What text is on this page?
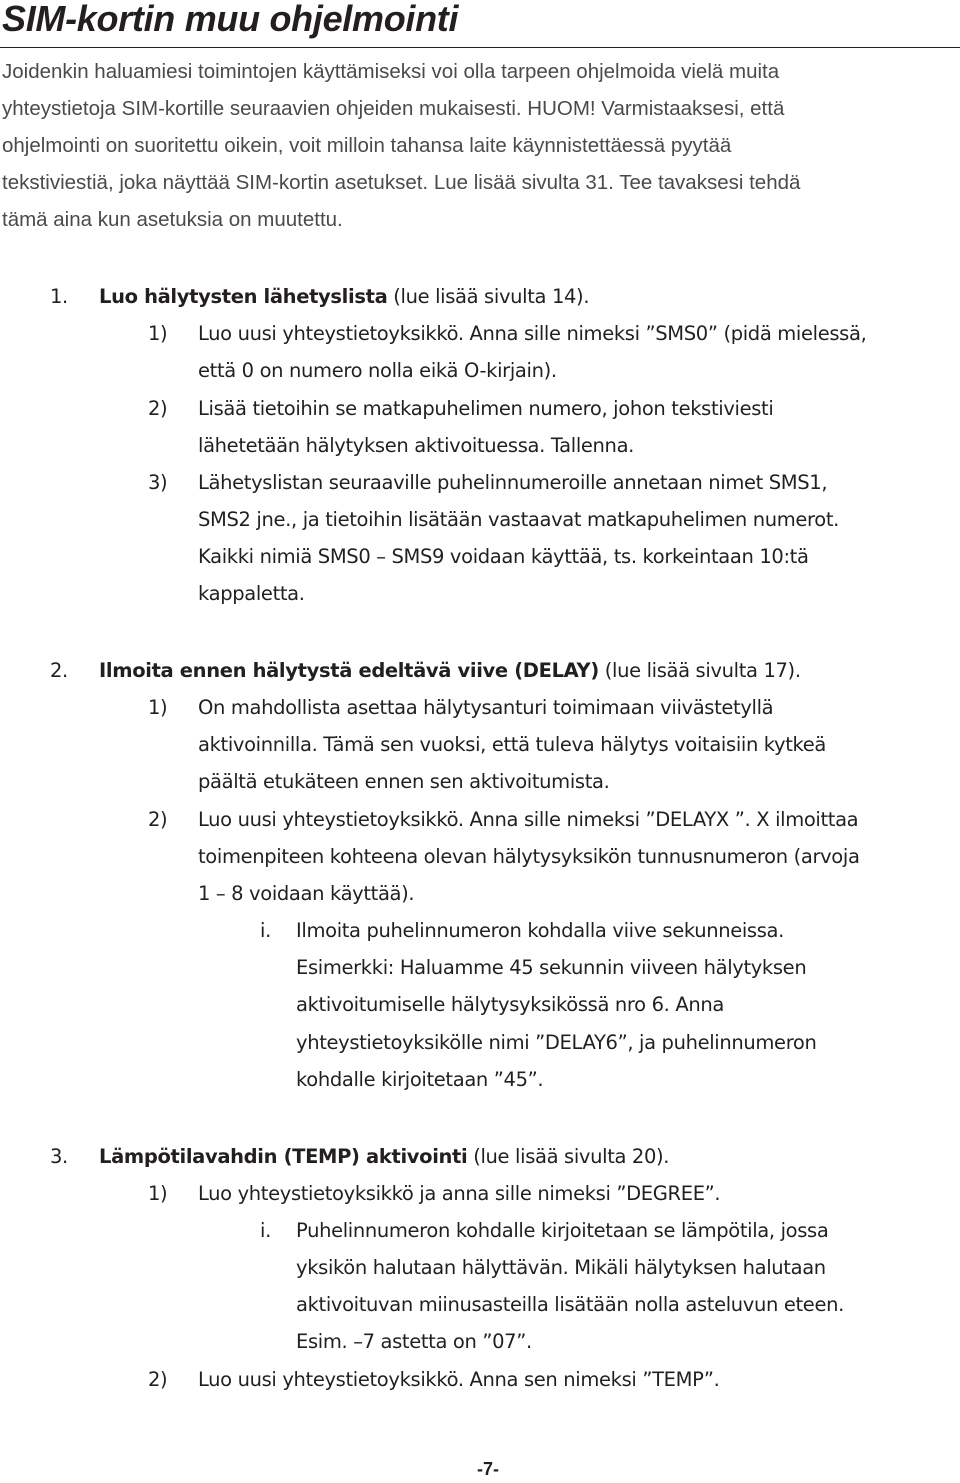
SIM-kortin muu ohjelmointi

Joidenkin haluamiesi toimintojen käyttämiseksi voi olla tarpeen ohjelmoida vielä muita

yhteystietoja SIM-kortille seuraavien ohjeiden mukaisesti. HUOM! Varmistaaksesi, että

ohjelmointi on suoritettu oikein, voit milloin tahansa laite käynnistettäessä pyytää

tekstiviestiä, joka näyttää SIM-kortin asetukset. Lue lisää sivulta 31. Tee tavaksesi tehdä

tämä aina kun asetuksia on muutettu.

1. Luo hälytysten lähetyslista (lue lisää sivulta 14).
1) Luo uusi yhteystietoyksikkö. Anna sille nimeksi ”SMS0” (pidä mielessä,
että 0 on numero nolla eikä O-kirjain).
2) Lisää tietoihin se matkapuhelimen numero, johon tekstiviesti
lähetetään hälytyksen aktivoituessa. Tallenna.
3) Lähetyslistan seuraaville puhelinnumeroille annetaan nimet SMS1,
SMS2 jne., ja tietoihin lisätään vastaavat matkapuhelimen numerot.
Kaikki nimiä SMS0 – SMS9 voidaan käyttää, ts. korkeintaan 10:tä
kappaletta.
2. Ilmoita ennen hälytystä edeltävä viive (DELAY) (lue lisää sivulta 17).
1) On mahdollista asettaa hälytysanturi toimimaan viivästetyllä
aktivoinnilla. Tämä sen vuoksi, että tuleva hälytys voitaisiin kytkeä
päältä etukäteen ennen sen aktivoitumista.
2) Luo uusi yhteystietoyksikkö. Anna sille nimeksi ”DELAYX ”. X ilmoittaa
toimenpiteen kohteena olevan hälytysyksikön tunnusnumeron (arvoja
1 – 8 voidaan käyttää).
i. Ilmoita puhelinnumeron kohdalla viive sekunneissa.
Esimerkki: Haluamme 45 sekunnin viiveen hälytyksen
aktivoitumiselle hälytysyksikössä nro 6. Anna
yhteystietoyksikölle nimi ”DELAY6”, ja puhelinnumeron
kohdalle kirjoitetaan ”45”.
3. Lämpötilavahdin (TEMP) aktivointi (lue lisää sivulta 20).
1) Luo yhteystietoyksikkö ja anna sille nimeksi ”DEGREE”.
i. Puhelinnumeron kohdalle kirjoitetaan se lämpötila, jossa
yksikön halutaan hälyttävän. Mikäli hälytyksen halutaan
aktivoituvan miinusasteilla lisätään nolla asteluvun eteen.
Esim. –7 astetta on ”07”.
2) Luo uusi yhteystietoyksikkö. Anna sen nimeksi ”TEMP”.
-7-
